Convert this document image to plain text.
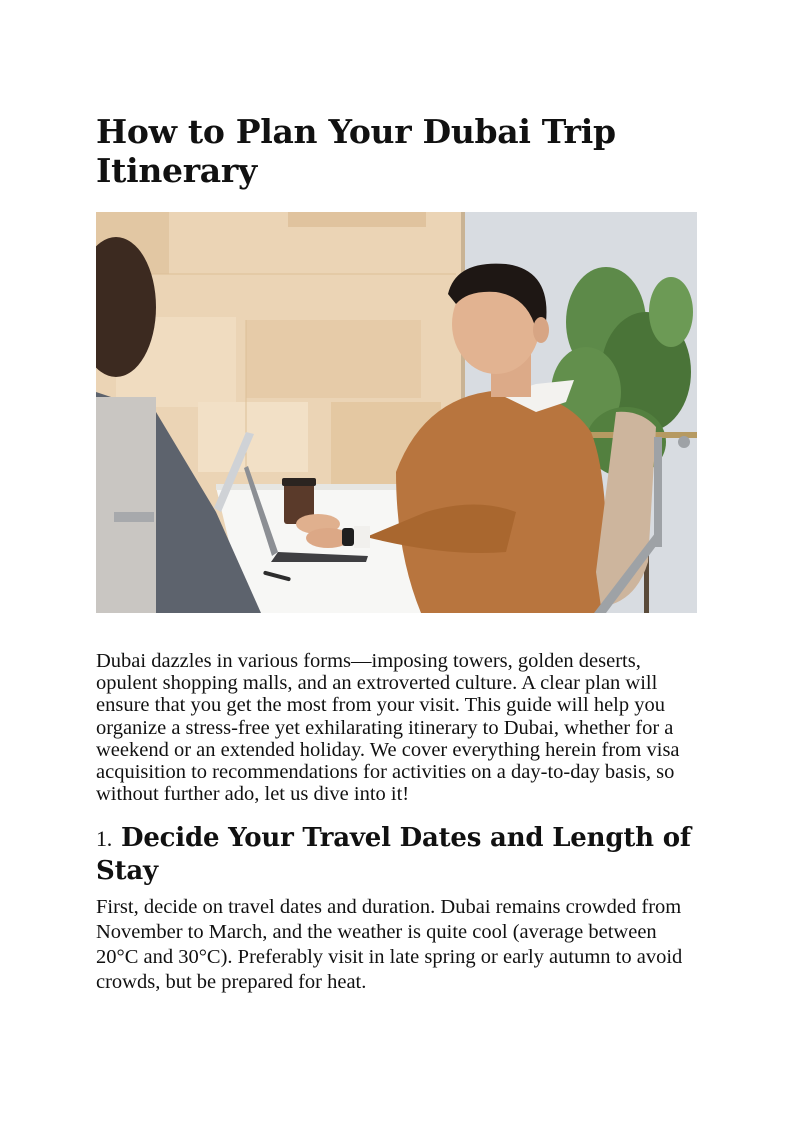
How to Plan Your Dubai Trip Itinerary

Dubai dazzles in various forms—imposing towers, golden deserts, opulent shopping malls, and an extroverted culture. A clear plan will ensure that you get the most from your visit. This guide will help you organize a stress-free yet exhilarating itinerary to Dubai, whether for a weekend or an extended holiday. We cover everything herein from visa acquisition to recommendations for activities on a day-to-day basis, so without further ado, let us dive into it!

1. Decide Your Travel Dates and Length of Stay

First, decide on travel dates and duration. Dubai remains crowded from November to March, and the weather is quite cool (average between 20°C and 30°C). Preferably visit in late spring or early autumn to avoid crowds, but be prepared for heat.
